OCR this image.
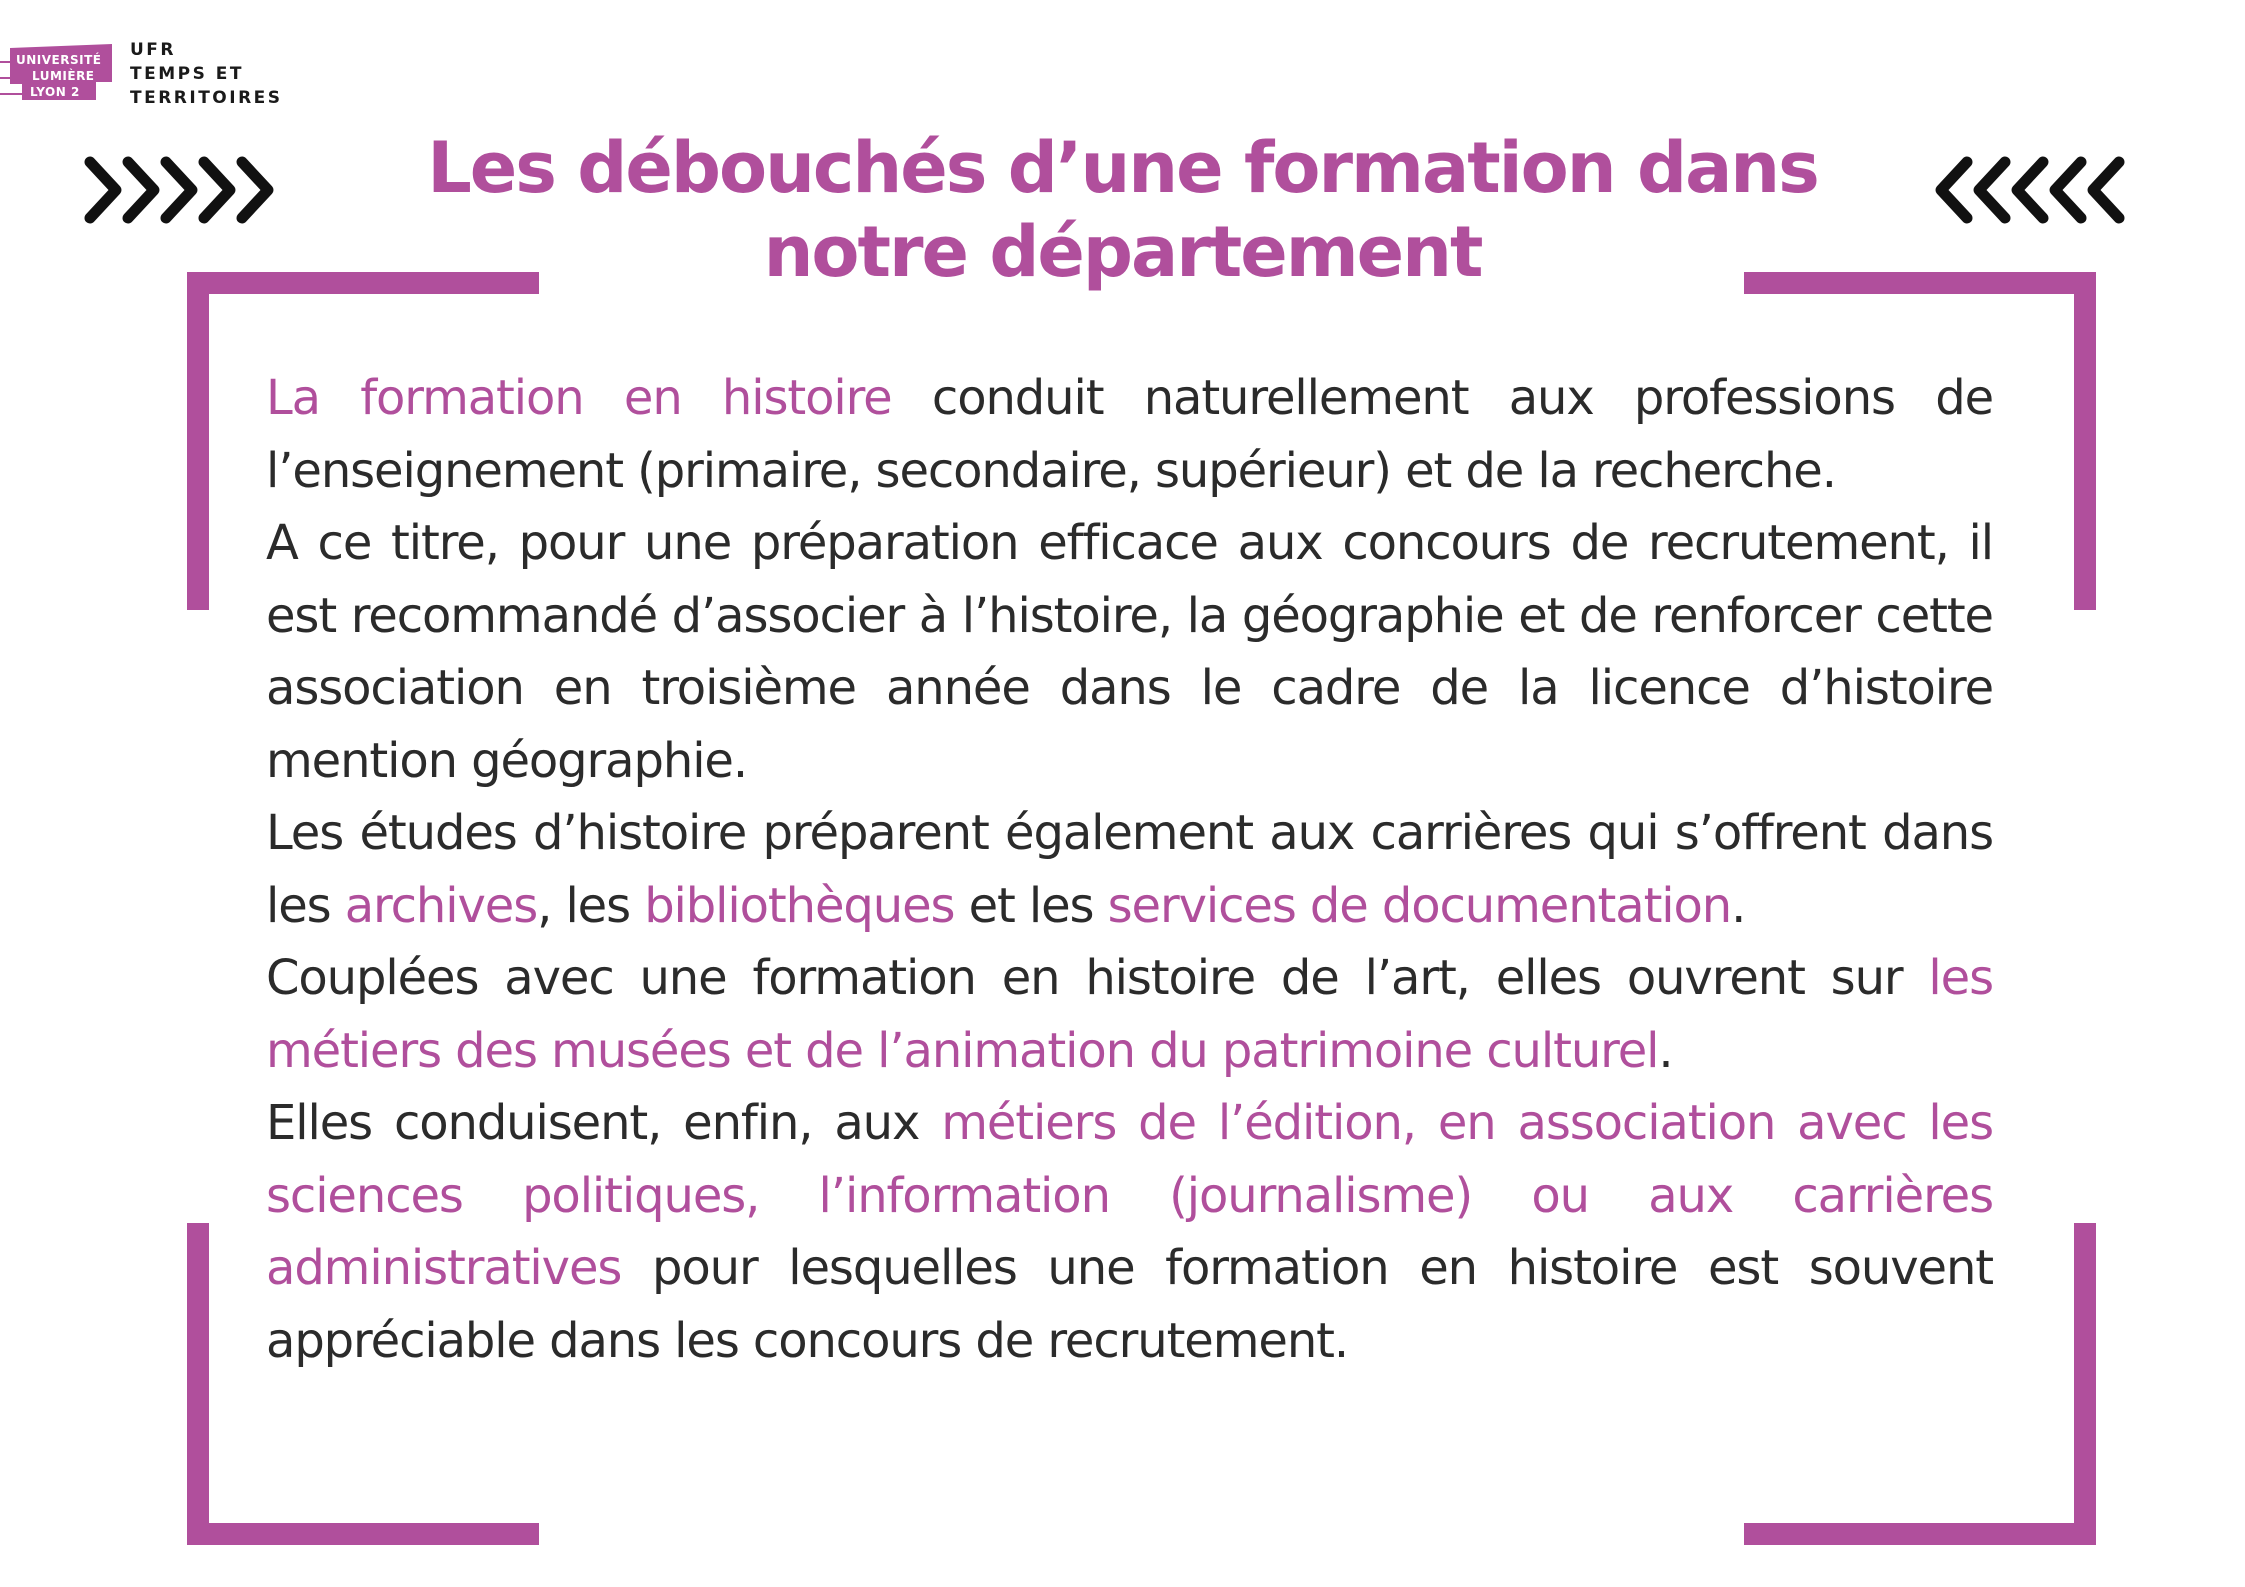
UNIVERSITÉ
LUMIÈRE
LYON 2
UFR
TEMPS ET
TERRITOIRES
Les débouchés d’une formation dans
notre département

La formation en histoire conduit naturellement aux professions de l’enseignement (primaire, secondaire, supérieur) et de la recherche.

A ce titre, pour une préparation efficace aux concours de recrutement, il est recommandé d’associer à l’histoire, la géographie et de renforcer cette association en troisième année dans le cadre de la licence d’histoire mention géographie.

Les études d’histoire préparent également aux carrières qui s’offrent dans les archives, les bibliothèques et les services de documentation.

Couplées avec une formation en histoire de l’art, elles ouvrent sur les métiers des musées et de l’animation du patrimoine culturel.

Elles conduisent, enfin, aux métiers de l’édition, en association avec les sciences politiques, l’information (journalisme) ou aux carrières administratives pour lesquelles une formation en histoire est souvent appréciable dans les concours de recrutement.
